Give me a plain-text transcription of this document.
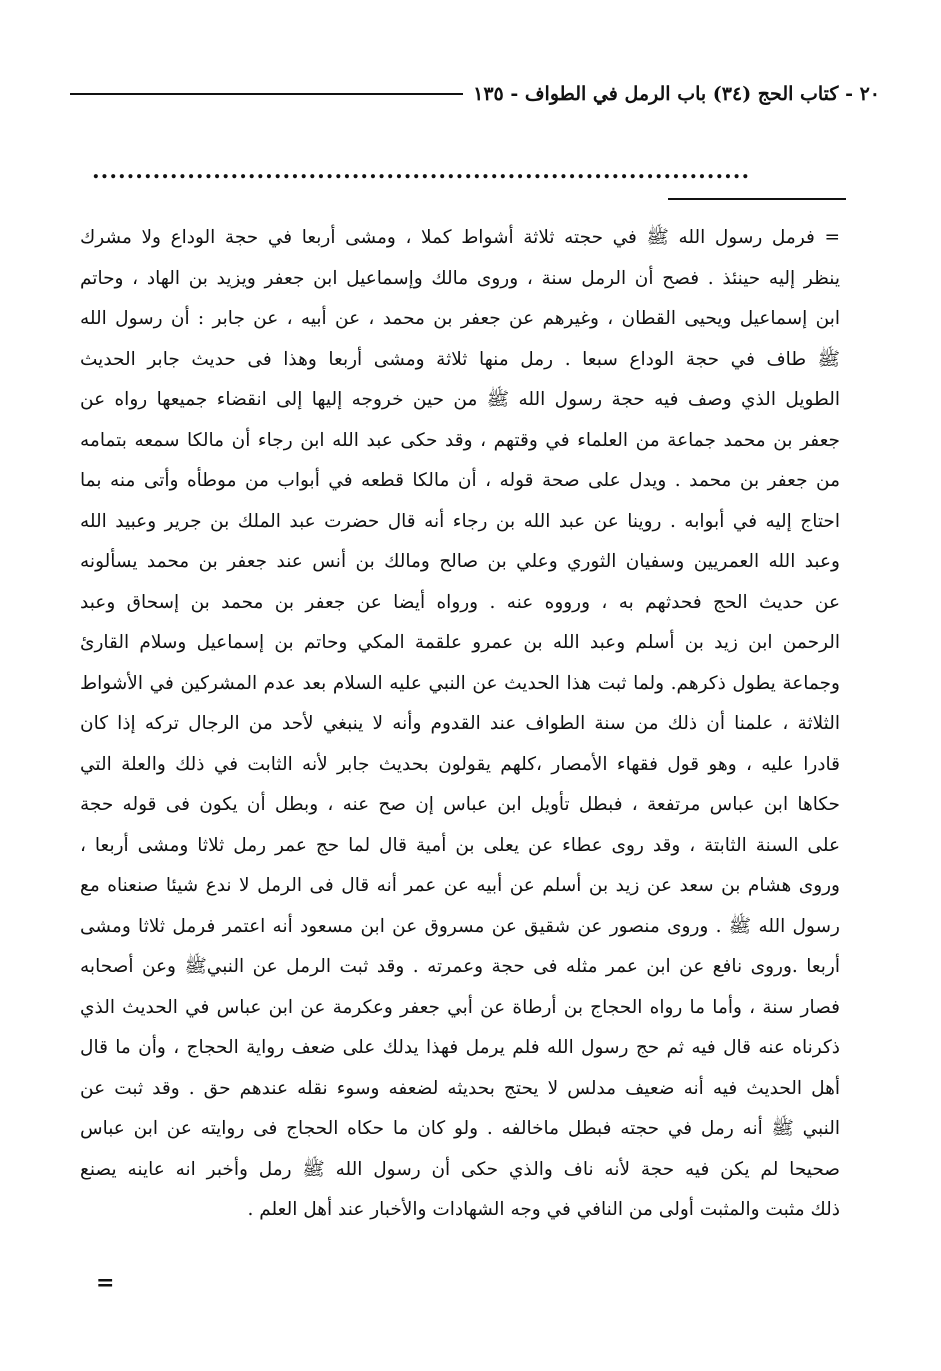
٢٠ - كتاب الحج (٣٤) باب الرمل في الطواف - ١٣٥
............................................................................
= فرمل رسول الله ﷺ في حجته ثلاثة أشواط كملا ، ومشى أربعا في حجة الوداع ولا مشرك
ينظر إليه حينئذ . فصح أن الرمل سنة ، وروى مالك وإسماعيل ابن جعفر ويزيد بن الهاد ، وحاتم
ابن إسماعيل ويحيى القطان ، وغيرهم عن جعفر بن محمد ، عن أبيه ، عن جابر : أن رسول الله
ﷺ طاف في حجة الوداع سبعا . رمل منها ثلاثة ومشى أربعا وهذا فى حديث جابر الحديث
الطويل الذي وصف فيه حجة رسول الله ﷺ من حين خروجه إليها إلى انقضاء جميعها رواه عن
جعفر بن محمد جماعة من العلماء في وقتهم ، وقد حكى عبد الله ابن رجاء أن مالكا سمعه بتمامه
من جعفر بن محمد . ويدل على صحة قوله ، أن مالكا قطعه في أبواب من موطأه وأتى منه بما
احتاج إليه في أبوابه . روينا عن عبد الله بن رجاء أنه قال حضرت عبد الملك بن جرير وعبيد الله
وعبد الله العمريين وسفيان الثوري وعلي بن صالح ومالك بن أنس عند جعفر بن محمد يسألونه
عن حديث الحج فحدثهم به ، ورووه عنه . ورواه أيضا عن جعفر بن محمد بن إسحاق وعبد
الرحمن ابن زيد بن أسلم وعبد الله بن عمرو علقمة المكي وحاتم بن إسماعيل وسلام القارئ
وجماعة يطول ذكرهم. ولما ثبت هذا الحديث عن النبي عليه السلام بعد عدم المشركين في الأشواط
الثلاثة ، علمنا أن ذلك من سنة الطواف عند القدوم وأنه لا ينبغي لأحد من الرجال تركه إذا كان
قادرا عليه ، وهو قول فقهاء الأمصار ،كلهم يقولون بحديث جابر لأنه الثابت في ذلك والعلة التي
حكاها ابن عباس مرتفعة ، فبطل تأويل ابن عباس إن صح عنه ، وبطل أن يكون فى قوله حجة
على السنة الثابتة ، وقد روى عطاء عن يعلى بن أمية قال لما حج عمر رمل ثلاثا ومشى أربعا ،
وروى هشام بن سعد عن زيد بن أسلم عن أبيه عن عمر أنه قال فى الرمل لا ندع شيئا صنعناه مع
رسول الله ﷺ . وروى منصور عن شقيق عن مسروق عن ابن مسعود أنه اعتمر فرمل ثلاثا ومشى
أربعا .وروى نافع عن ابن عمر مثله فى حجة وعمرته . وقد ثبت الرمل عن النبيﷺ وعن أصحابه
فصار سنة ، وأما ما رواه الحجاج بن أرطاة عن أبي جعفر وعكرمة عن ابن عباس في الحديث الذي
ذكرناه عنه قال فيه ثم حج رسول الله فلم يرمل فهذا يدلك على ضعف رواية الحجاج ، وأن ما قال
أهل الحديث فيه أنه ضعيف مدلس لا يحتج بحديثه لضعفه وسوء نقله عندهم حق . وقد ثبت عن
النبي ﷺ أنه رمل في حجته فبطل ماخالفه . ولو كان ما حكاه الحجاج فى روايته عن ابن عباس
صحيحا لم يكن فيه حجة لأنه ناف والذي حكى أن رسول الله ﷺ رمل وأخبر انه عاينه يصنع
ذلك مثبت والمثبت أولى من النافي في وجه الشهادات والأخبار عند أهل العلم .
=
